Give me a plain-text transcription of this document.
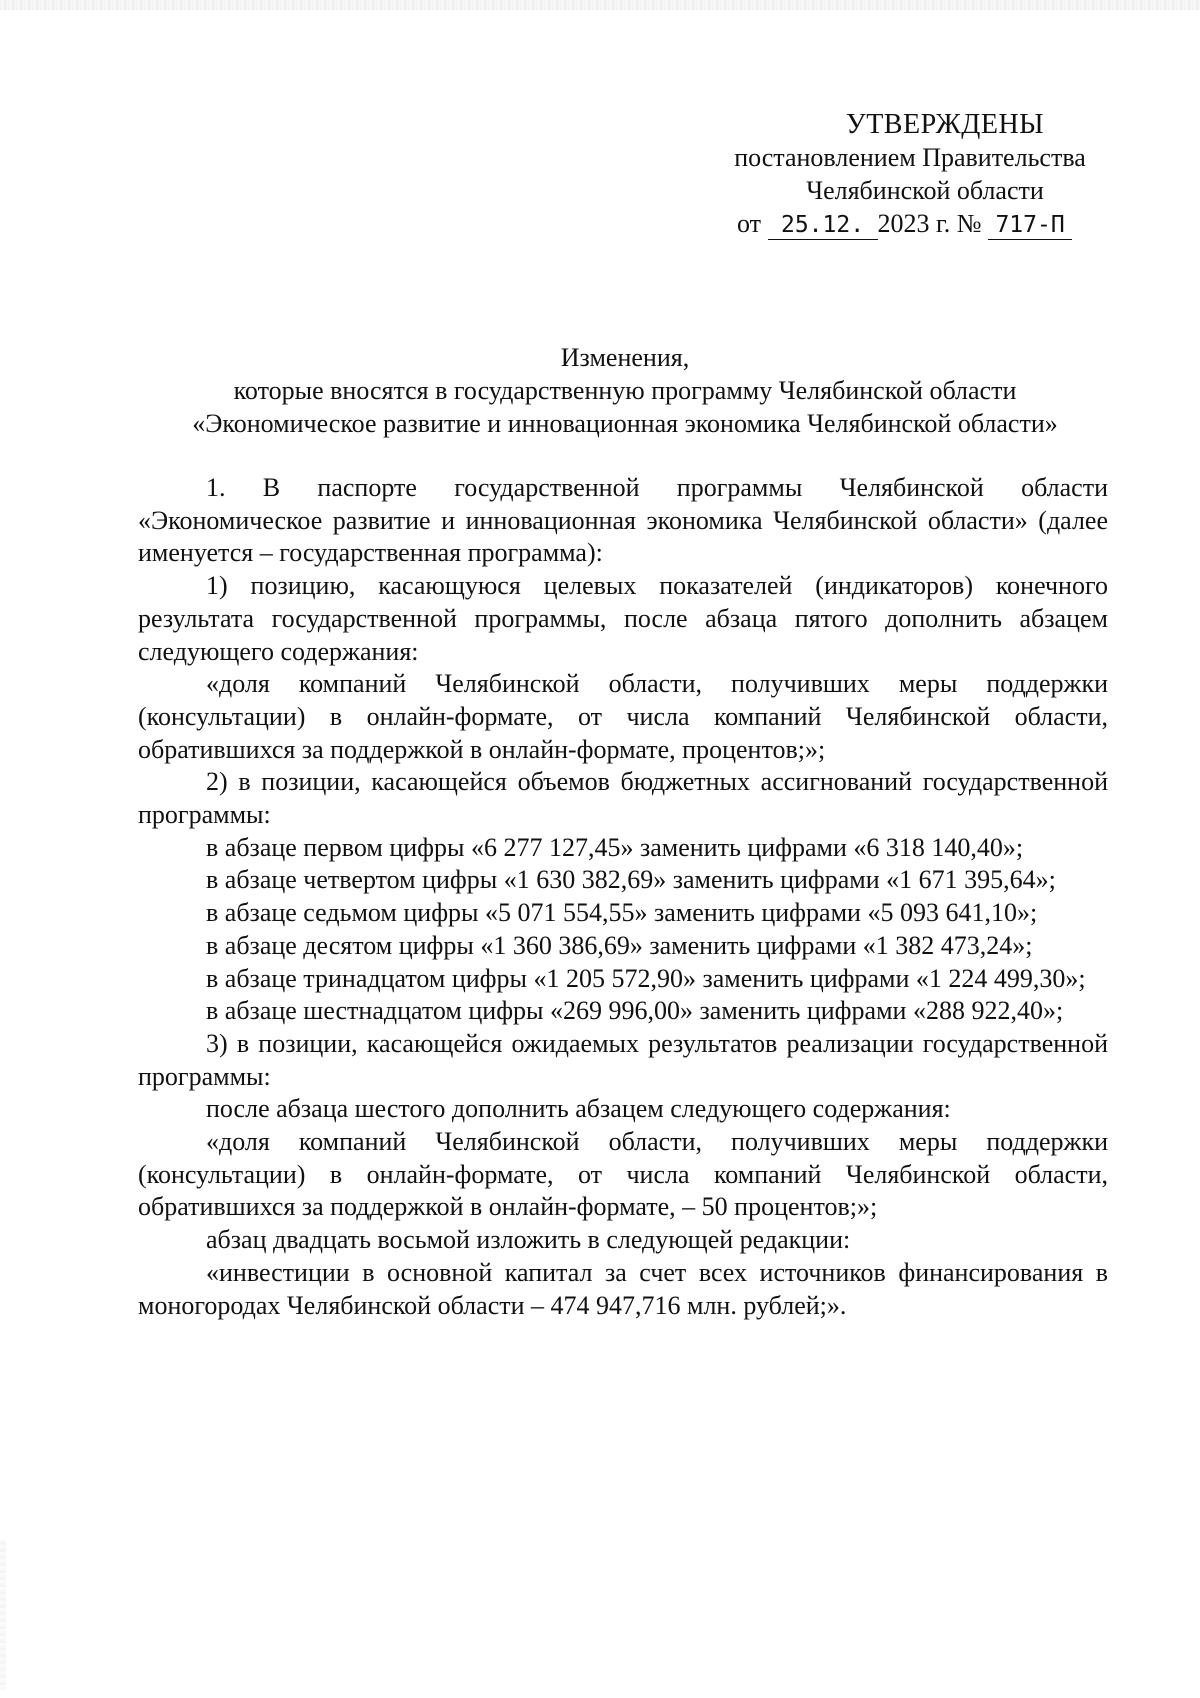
УТВЕРЖДЕНЫ
постановлением Правительства
Челябинской области
от 25.12. 2023 г. № 717-П
Изменения,
которые вносятся в государственную программу Челябинской области
«Экономическое развитие и инновационная экономика Челябинской области»

1. В паспорте государственной программы Челябинской области «Экономическое развитие и инновационная экономика Челябинской области» (далее именуется – государственная программа):

1) позицию, касающуюся целевых показателей (индикаторов) конечного результата государственной программы, после абзаца пятого дополнить абзацем следующего содержания:

«доля компаний Челябинской области, получивших меры поддержки (консультации) в онлайн-формате, от числа компаний Челябинской области, обратившихся за поддержкой в онлайн-формате, процентов;»;

2) в позиции, касающейся объемов бюджетных ассигнований государственной программы:

в абзаце первом цифры «6 277 127,45» заменить цифрами «6 318 140,40»;

в абзаце четвертом цифры «1 630 382,69» заменить цифрами «1 671 395,64»;

в абзаце седьмом цифры «5 071 554,55» заменить цифрами «5 093 641,10»;

в абзаце десятом цифры «1 360 386,69» заменить цифрами «1 382 473,24»;

в абзаце тринадцатом цифры «1 205 572,90» заменить цифрами «1 224 499,30»;

в абзаце шестнадцатом цифры «269 996,00» заменить цифрами «288 922,40»;

3) в позиции, касающейся ожидаемых результатов реализации государственной программы:

после абзаца шестого дополнить абзацем следующего содержания:

«доля компаний Челябинской области, получивших меры поддержки (консультации) в онлайн-формате, от числа компаний Челябинской области, обратившихся за поддержкой в онлайн-формате, – 50 процентов;»;

абзац двадцать восьмой изложить в следующей редакции:

«инвестиции в основной капитал за счет всех источников финансирования в моногородах Челябинской области – 474 947,716 млн. рублей;».
